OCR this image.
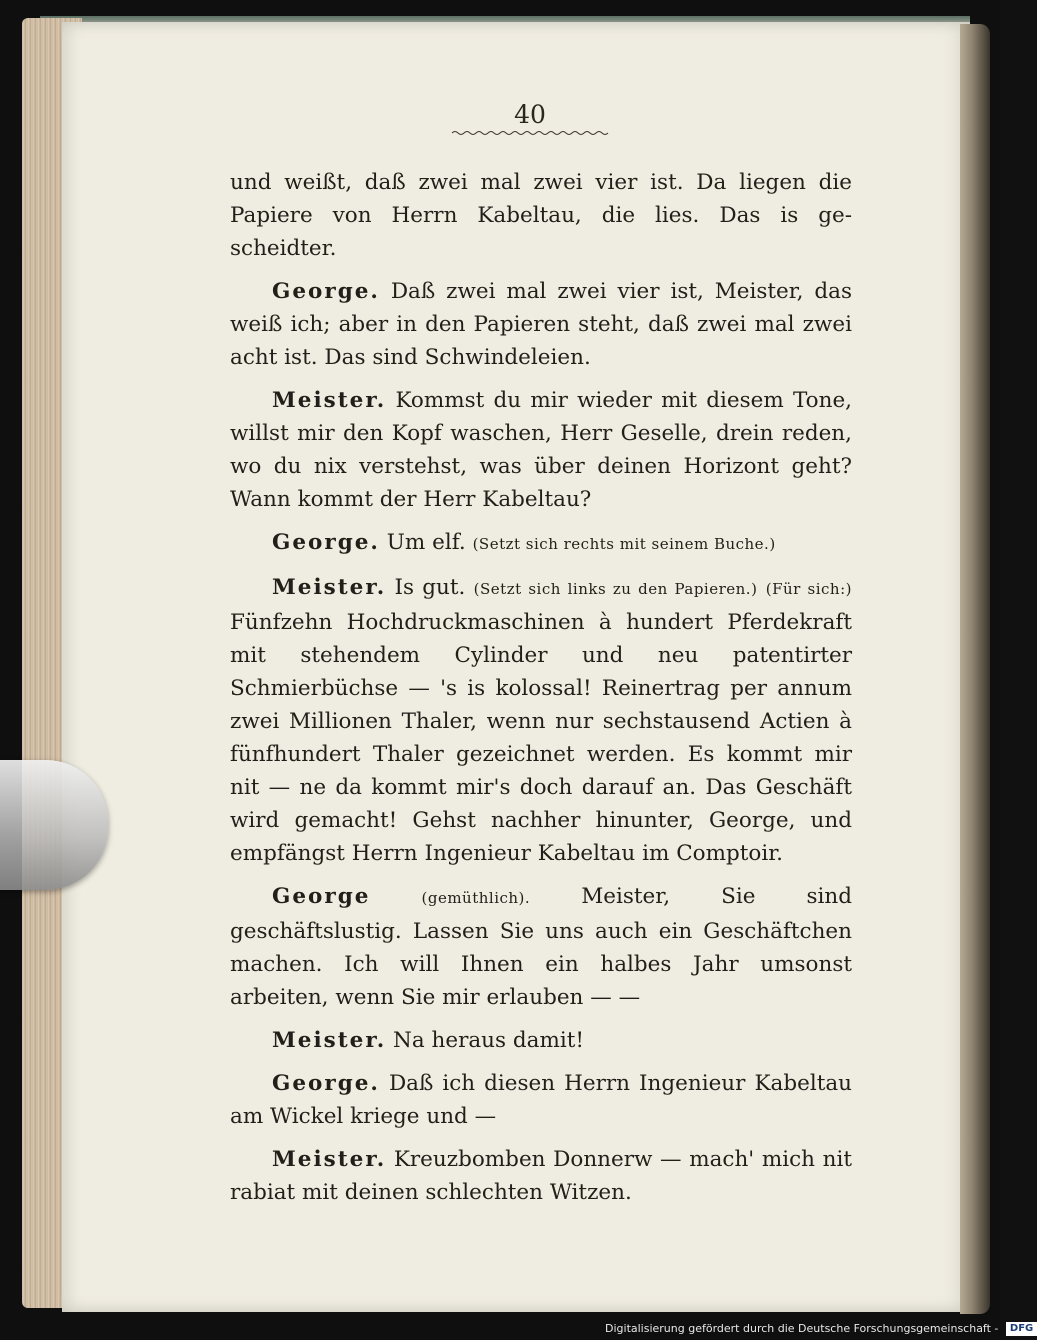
40

und weißt, daß zwei mal zwei vier ist. Da liegen die Papiere von Herrn Kabeltau, die lies. Das is ge- scheidter.

George. Daß zwei mal zwei vier ist, Meister, das weiß ich; aber in den Papieren steht, daß zwei mal zwei acht ist. Das sind Schwindeleien.

Meister. Kommst du mir wieder mit diesem Tone, willst mir den Kopf waschen, Herr Geselle, drein reden, wo du nix verstehst, was über deinen Horizont geht? Wann kommt der Herr Kabeltau?

George. Um elf. (Setzt sich rechts mit seinem Buche.)

Meister. Is gut. (Setzt sich links zu den Papieren.) (Für sich:) Fünfzehn Hochdruckmaschinen à hundert Pferdekraft mit stehendem Cylinder und neu patentirter Schmierbüchse — 's is kolossal! Reinertrag per annum zwei Millionen Thaler, wenn nur sechstausend Actien à fünfhundert Thaler gezeichnet werden. Es kommt mir nit — ne da kommt mir's doch darauf an. Das Geschäft wird gemacht! Gehst nachher hinunter, George, und empfängst Herrn Ingenieur Kabeltau im Comptoir.

George	(gemüthlich). Meister, Sie sind geschäftslustig. Lassen Sie uns auch ein Geschäftchen machen. Ich will Ihnen ein halbes Jahr umsonst arbeiten, wenn Sie mir erlauben — —

Meister. Na heraus damit!

George. Daß ich diesen Herrn Ingenieur Kabeltau am Wickel kriege und —

Meister. Kreuzbomben Donnerw — mach' mich nit rabiat mit deinen schlechten Witzen.

Digitalisierung gefördert durch die Deutsche Forschungsgemeinschaft - DFG
